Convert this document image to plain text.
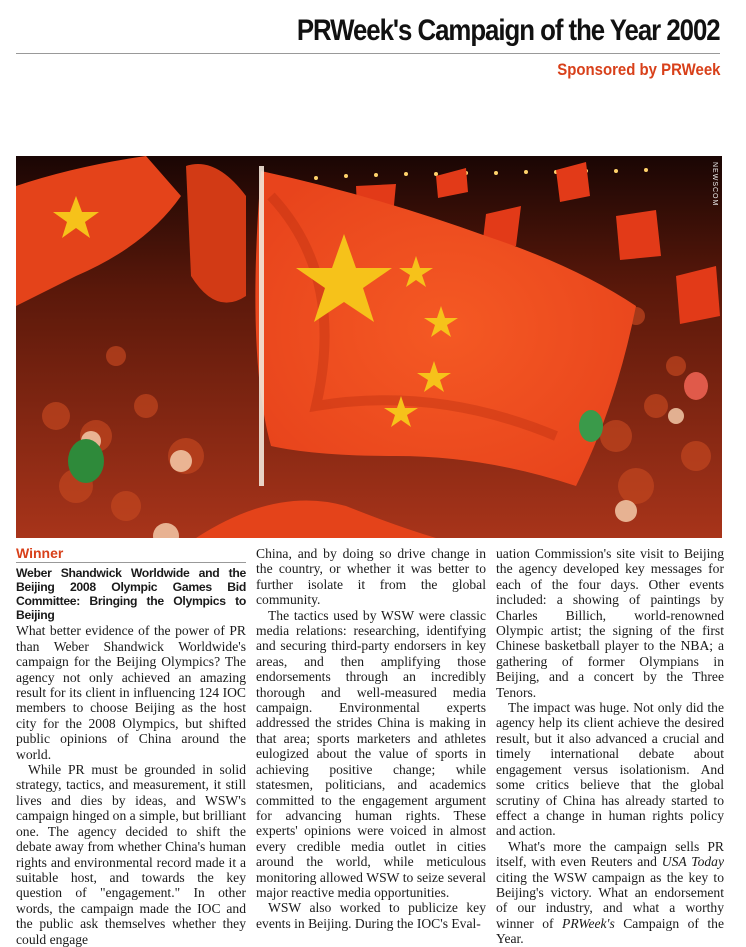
PRWeek's Campaign of the Year 2002
Sponsored by PRWeek
NEWSCOM
Winner
Weber Shandwick Worldwide and the Beijing 2008 Olympic Games Bid Committee: Bringing the Olympics to Beijing

What better evidence of the power of PR than Weber Shandwick Worldwide's campaign for the Beijing Olympics? The agency not only achieved an amazing result for its client in influencing 124 IOC members to choose Beijing as the host city for the 2008 Olympics, but shifted public opinions of China around the world.

While PR must be grounded in solid strategy, tactics, and measurement, it still lives and dies by ideas, and WSW's campaign hinged on a simple, but brilliant one. The agency decided to shift the debate away from whether China's human rights and environmental record made it a suitable host, and towards the key question of "engagement." In other words, the campaign made the IOC and the public ask themselves whether they could engage

China, and by doing so drive change in the country, or whether it was better to further isolate it from the global community.

The tactics used by WSW were classic media relations: researching, identifying and securing third-party endorsers in key areas, and then amplifying those endorsements through an incredibly thorough and well-measured media campaign. Environmental experts addressed the strides China is making in that area; sports marketers and athletes eulogized about the value of sports in achieving positive change; while statesmen, politicians, and academics committed to the engagement argument for advancing human rights. These experts' opinions were voiced in almost every credible media outlet in cities around the world, while meticulous monitoring allowed WSW to seize several major reactive media opportunities.

WSW also worked to publicize key events in Beijing. During the IOC's Eval-

uation Commission's site visit to Beijing the agency developed key messages for each of the four days. Other events included: a showing of paintings by Charles Billich, world-renowned Olympic artist; the signing of the first Chinese basketball player to the NBA; a gathering of former Olympians in Beijing, and a concert by the Three Tenors.

The impact was huge. Not only did the agency help its client achieve the desired result, but it also advanced a crucial and timely international debate about engagement versus isolationism. And some critics believe that the global scrutiny of China has already started to effect a change in human rights policy and action.

What's more the campaign sells PR itself, with even Reuters and USA Today citing the WSW campaign as the key to Beijing's victory. What an endorsement of our industry, and what a worthy winner of PRWeek's Campaign of the Year.
